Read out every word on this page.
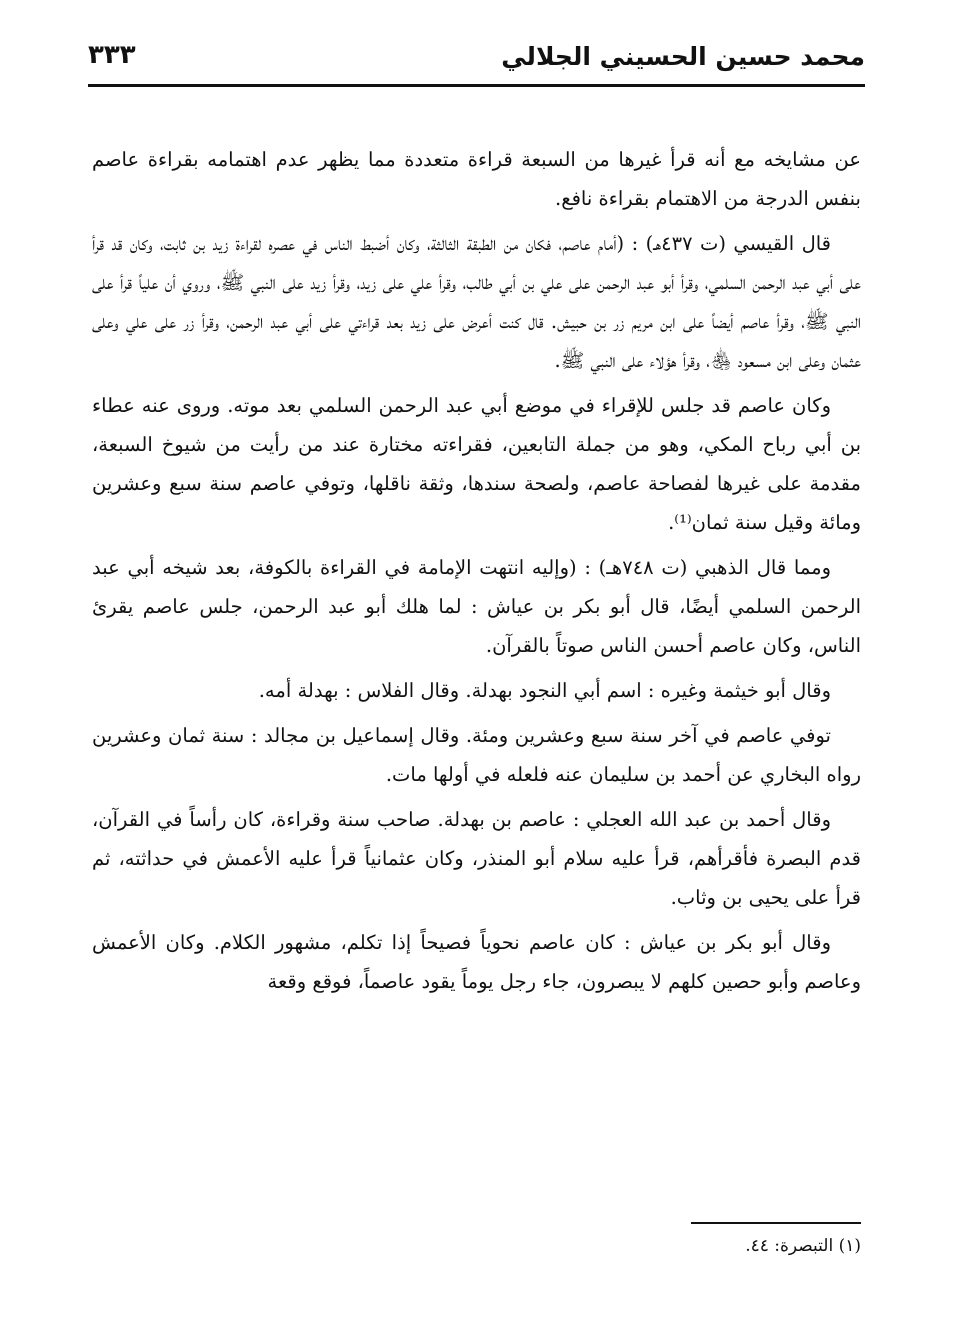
محمد حسين الحسيني الجلالي
٣٣٣

عن مشايخه مع أنه قرأ غيرها من السبعة قراءة متعددة مما يظهر عدم اهتمامه بقراءة عاصم بنفس الدرجة من الاهتمام بقراءة نافع.

قال القيسي (ت ٤٣٧هـ) : (أمام عاصم، فكان من الطبقة الثالثة، وكان أضبط الناس في عصره لقراءة زيد بن ثابت، وكان قد قرأ على أبي عبد الرحمن السلمي، وقرأ أبو عبد الرحمن على علي بن أبي طالب، وقرأ علي على زيد، وقرأ زيد على النبي ﷺ، وروي أن علياً قرأ على النبي ﷺ، وقرأ عاصم أيضاً على ابن مريم زر بن حبيش. قال كنت أعرض على زيد بعد قراءتي على أبي عبد الرحمن، وقرأ زر على علي وعلى عثمان وعلى ابن مسعود ﵃، وقرأ هؤلاء على النبي ﷺ.

وكان عاصم قد جلس للإقراء في موضع أبي عبد الرحمن السلمي بعد موته. وروى عنه عطاء بن أبي رباح المكي، وهو من جملة التابعين، فقراءته مختارة عند من رأيت من شيوخ السبعة، مقدمة على غيرها لفصاحة عاصم، ولصحة سندها، وثقة ناقلها، وتوفي عاصم سنة سبع وعشرين ومائة وقيل سنة ثمان⁽¹⁾.

ومما قال الذهبي (ت ٧٤٨هـ) : (وإليه انتهت الإمامة في القراءة بالكوفة، بعد شيخه أبي عبد الرحمن السلمي أيضًا، قال أبو بكر بن عياش : لما هلك أبو عبد الرحمن، جلس عاصم يقرئ الناس، وكان عاصم أحسن الناس صوتاً بالقرآن.

وقال أبو خيثمة وغيره : اسم أبي النجود بهدلة. وقال الفلاس : بهدلة أمه.

توفي عاصم في آخر سنة سبع وعشرين ومئة. وقال إسماعيل بن مجالد : سنة ثمان وعشرين رواه البخاري عن أحمد بن سليمان عنه فلعله في أولها مات.

وقال أحمد بن عبد الله العجلي : عاصم بن بهدلة. صاحب سنة وقراءة، كان رأساً في القرآن، قدم البصرة فأقرأهم، قرأ عليه سلام أبو المنذر، وكان عثمانياً قرأ عليه الأعمش في حداثته، ثم قرأ على يحيى بن وثاب.

وقال أبو بكر بن عياش : كان عاصم نحوياً فصيحاً إذا تكلم، مشهور الكلام. وكان الأعمش وعاصم وأبو حصين كلهم لا يبصرون، جاء رجل يوماً يقود عاصماً، فوقع وقعة

(١) التبصرة: ٤٤.
